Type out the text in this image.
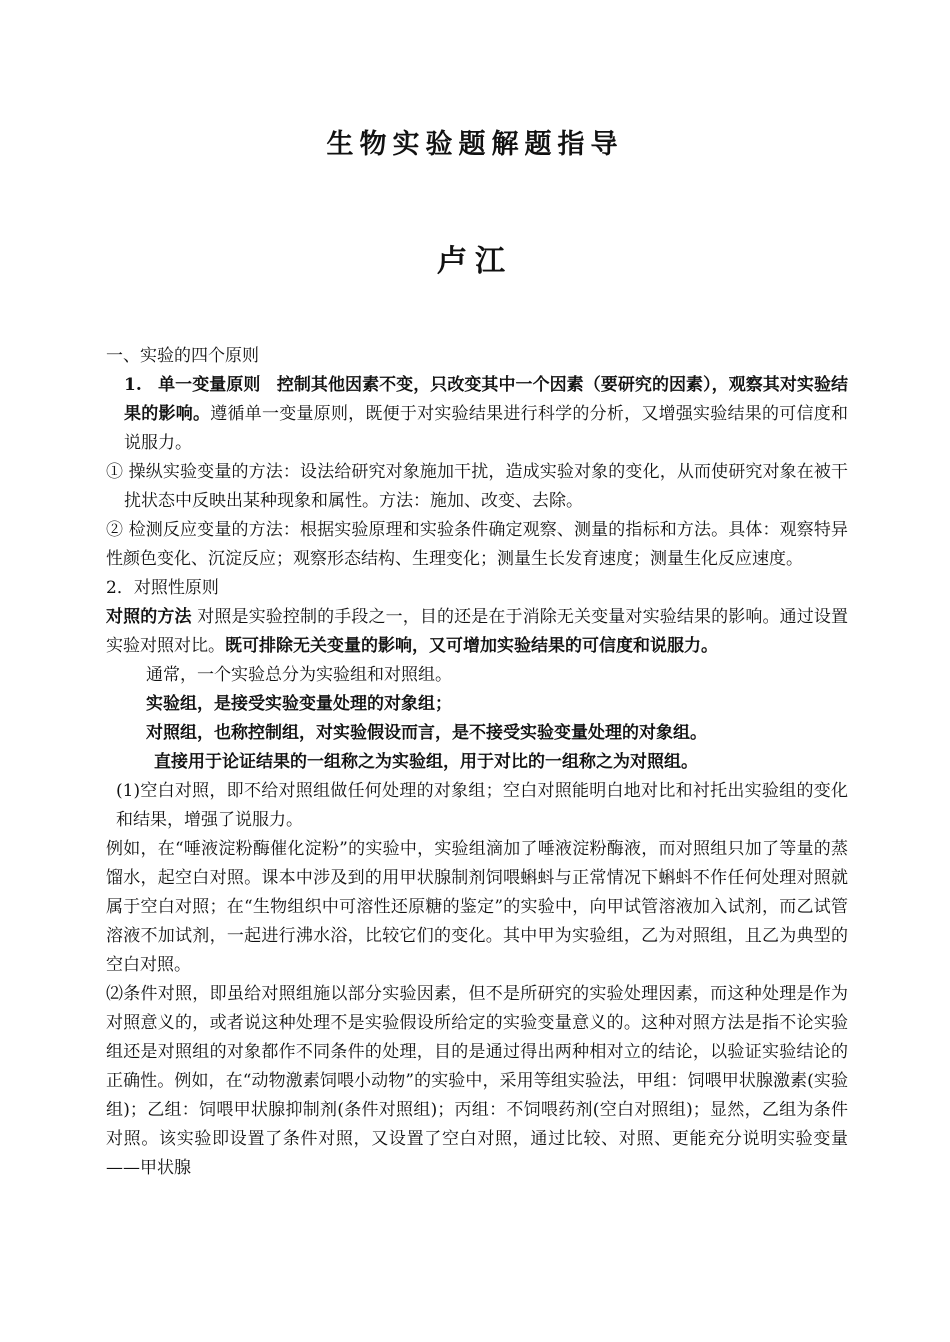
生物实验题解题指导
卢江

一、实验的四个原则

1. 单一变量原则 控制其他因素不变，只改变其中一个因素（要研究的因素），观察其对实验结果的影响。遵循单一变量原则，既便于对实验结果进行科学的分析，又增强实验结果的可信度和说服力。

① 操纵实验变量的方法：设法给研究对象施加干扰，造成实验对象的变化，从而使研究对象在被干扰状态中反映出某种现象和属性。方法：施加、改变、去除。

② 检测反应变量的方法：根据实验原理和实验条件确定观察、测量的指标和方法。具体：观察特异性颜色变化、沉淀反应；观察形态结构、生理变化；测量生长发育速度；测量生化反应速度。

2．对照性原则

对照的方法 对照是实验控制的手段之一，目的还是在于消除无关变量对实验结果的影响。通过设置实验对照对比。既可排除无关变量的影响，又可增加实验结果的可信度和说服力。

通常，一个实验总分为实验组和对照组。

实验组，是接受实验变量处理的对象组；

对照组，也称控制组，对实验假设而言，是不接受实验变量处理的对象组。

直接用于论证结果的一组称之为实验组，用于对比的一组称之为对照组。

(1)空白对照，即不给对照组做任何处理的对象组；空白对照能明白地对比和衬托出实验组的变化和结果，增强了说服力。

例如，在“唾液淀粉酶催化淀粉”的实验中，实验组滴加了唾液淀粉酶液，而对照组只加了等量的蒸馏水，起空白对照。课本中涉及到的用甲状腺制剂饲喂蝌蚪与正常情况下蝌蚪不作任何处理对照就属于空白对照；在“生物组织中可溶性还原糖的鉴定”的实验中，向甲试管溶液加入试剂，而乙试管溶液不加试剂，一起进行沸水浴，比较它们的变化。其中甲为实验组，乙为对照组，且乙为典型的空白对照。

⑵条件对照，即虽给对照组施以部分实验因素，但不是所研究的实验处理因素，而这种处理是作为对照意义的，或者说这种处理不是实验假设所给定的实验变量意义的。这种对照方法是指不论实验组还是对照组的对象都作不同条件的处理，目的是通过得出两种相对立的结论，以验证实验结论的正确性。例如，在“动物激素饲喂小动物”的实验中，采用等组实验法，甲组：饲喂甲状腺激素(实验组)；乙组：饲喂甲状腺抑制剂(条件对照组)；丙组：不饲喂药剂(空白对照组)；显然，乙组为条件对照。该实验即设置了条件对照，又设置了空白对照，通过比较、对照、更能充分说明实验变量——甲状腺
